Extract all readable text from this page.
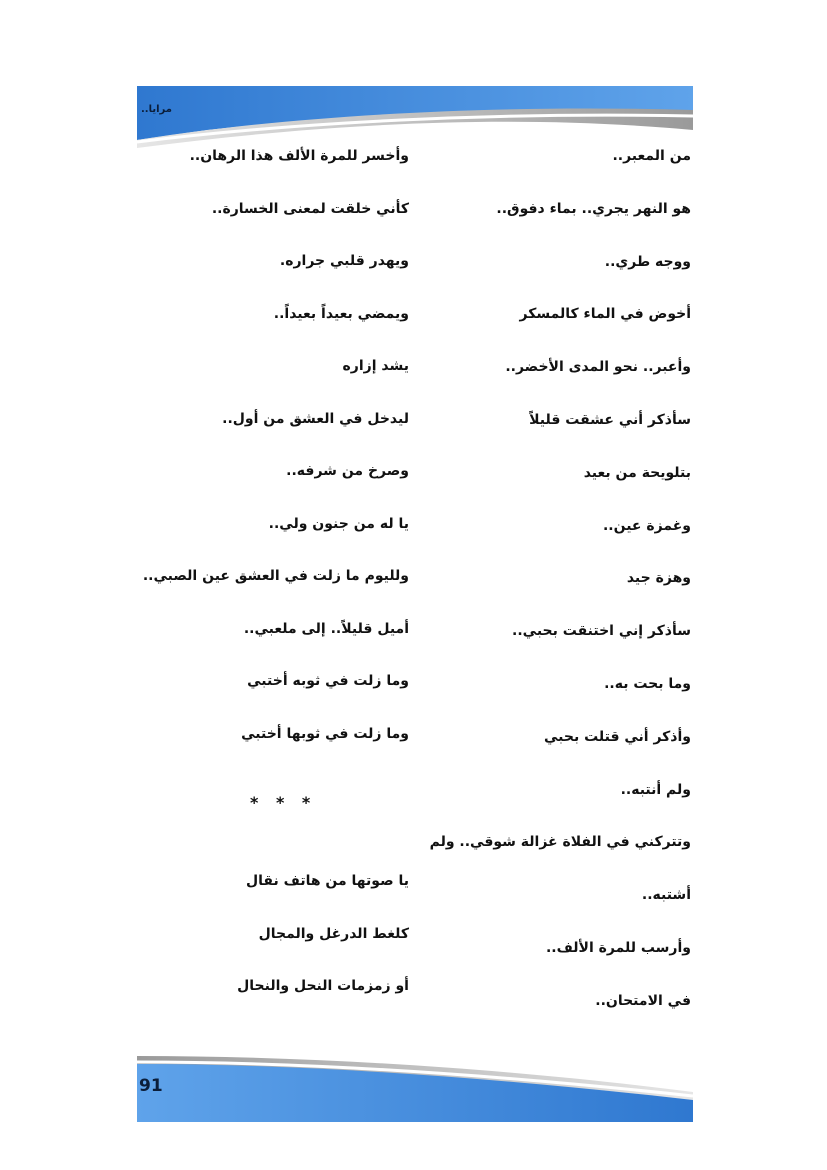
مرايا..
من المعبر..
هو النهر يجري.. بماء دفوق..
ووجه طري..
أخوض في الماء كالمسكر
وأعبر.. نحو المدى الأخضر..
سأذكر أني عشقت قليلاً
بتلويحة من بعيد
وغمزة عين..
وهزة جيد
سأذكر إني اختنقت بحبي..
وما بحت به..
وأذكر أني قتلت بحبي
ولم أنتبه..
وتتركني في الفلاة غزالة شوقي.. ولم
أشتبه..
وأرسب للمرة الألف..
في الامتحان..
وأخسر للمرة الألف هذا الرهان..
كأني خلقت لمعنى الخسارة..
ويهدر قلبي جراره.
ويمضي بعيداً بعيداً..
يشد إزاره
ليدخل في العشق من أول..
وصرخ من شرفه..
يا له من جنون ولي..
ولليوم ما زلت في العشق عين الصبي..
أميل قليلاً.. إلى ملعبي..
وما زلت في ثوبه أختبي
وما زلت في ثوبها أختبي
* * *
يا صوتها من هاتف نقال
كلغط الدرغل والمجال
أو زمزمات النحل والنحال
91
